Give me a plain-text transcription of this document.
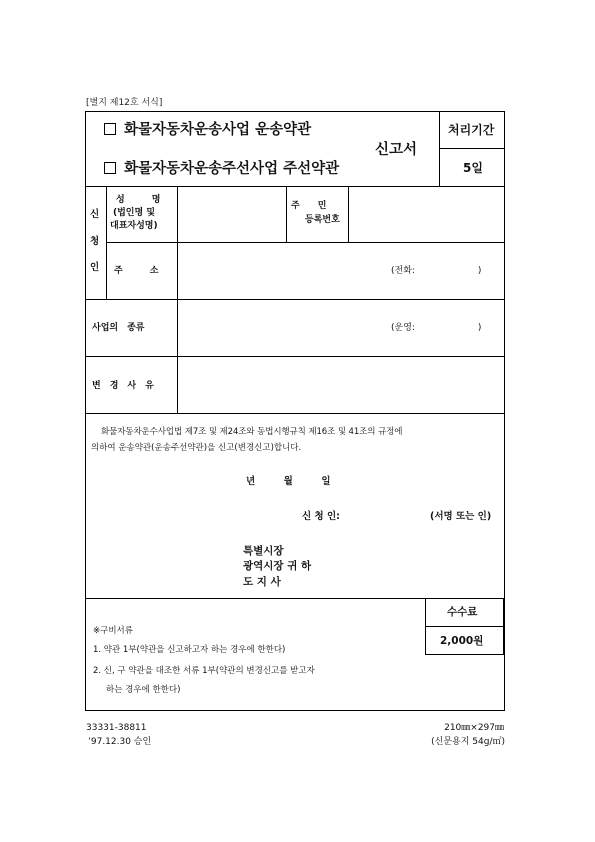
[별지 제12호 서식]
화물자동차운송사업 운송약관
신고서
화물자동차운송주선사업 주선약관
처리기간
5일
신
청
인
성　　　명
(법인명 및
대표자성명)
주　　민
등록번호
주　　　소	(전화:　　　　　　　)
사업의　종류	(운영:　　　　　　　)
변　경　사　유
화물자동차운수사업법 제7조 및 제24조와 동법시행규칙 제16조 및 41조의 규정에
의하여 운송약관(운송주선약관)을 신고(변경신고)합니다.
년　　　월　　　일
신 청 인:	(서명 또는 인)
특별시장
광역시장 귀 하
도 지 사
수수료
2,000원
※구비서류
1. 약관 1부(약관을 신고하고자 하는 경우에 한한다)
2. 신, 구 약관을 대조한 서류 1부(약관의 변경신고를 받고자
하는 경우에 한한다)
33331-38811
’97.12.30 승인
210㎜×297㎜
(신문용지 54g/㎡)
